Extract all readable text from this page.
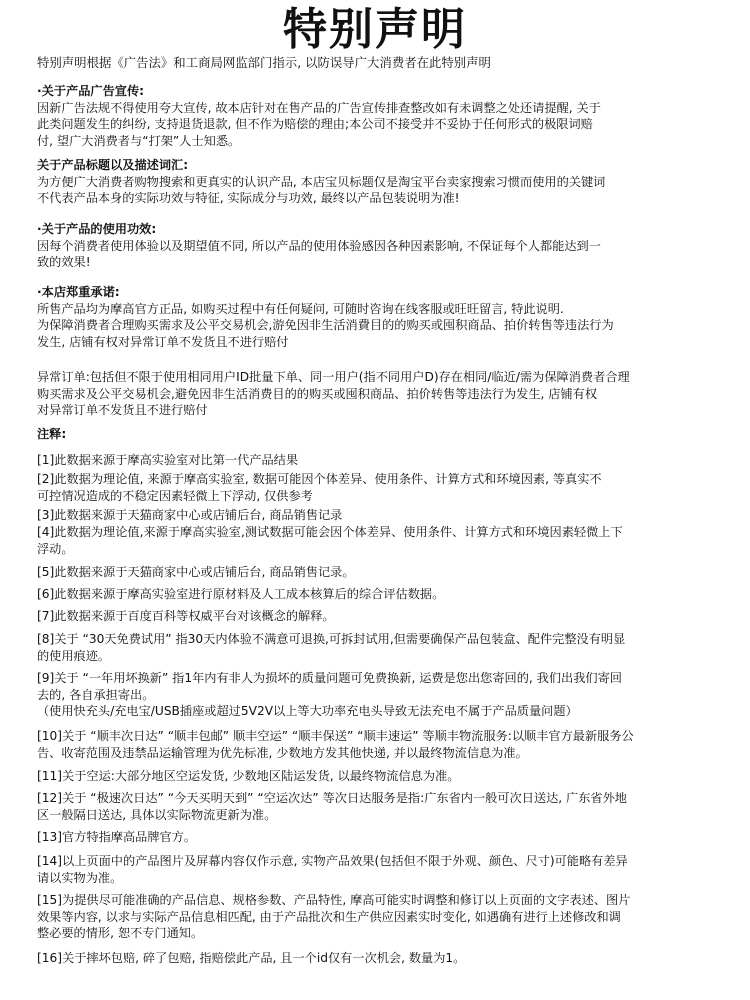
特别声明
特别声明根据《广告法》和工商局网监部门指示, 以防误导广大消费者在此特别声明

·关于产品广告宣传:

因新广告法规不得使用夸大宣传, 故本店针对在售产品的广告宣传排查整改如有未调整之处还请提醒, 关于
此类问题发生的纠纷, 支持退货退款, 但不作为赔偿的理由;本公司不接受并不妥协于任何形式的极限词赔
付, 望广大消费者与“打架”人士知悉。

关于产品标题以及描述词汇:

为方便广大消费者购物搜索和更真实的认识产品, 本店宝贝标题仅是淘宝平台卖家搜索习惯而使用的关键词
不代表产品本身的实际功效与特征, 实际成分与功效, 最终以产品包装说明为准!

·关于产品的使用功效:

因每个消费者使用体验以及期望值不同, 所以产品的使用体验感因各种因素影响, 不保证每个人都能达到一
致的效果!

·本店郑重承诺:

所售产品均为摩高官方正品, 如购买过程中有任何疑问, 可随时咨询在线客服或旺旺留言, 特此说明.
为保障消费者合理购买需求及公平交易机会,游免因非生活消費目的的购买或囤积商品、拍价转售等违法行为
发生, 店铺有权对异常订单不发货且不进行赔付
异常订单:包括但不限于使用相同用户ID批量下单、同一用户(指不同用户D)存在相同/临近/需为保障消费者合理
购买需求及公平交易机会,避免因非生活消费目的的购买或囤积商品、拍价转售等违法行为发生, 店铺有权
对异常订单不发货且不进行赔付

注释:

[1]此数据来源于摩高实验室对比第一代产品结果
[2]此数据为理论值, 来源于摩高实验室, 数据可能因个体差异、使用条件、计算方式和环境因素, 等真实不
可控情况造成的不稳定因素轻微上下浮动, 仅供参考
[3]此数据来源于天猫商家中心或店铺后台, 商品销售记录
[4]此数据为理论值,来源于摩高实验室,测试数据可能会因个体差异、使用条件、计算方式和环境因素轻微上下
浮动。
[5]此数据来源于天猫商家中心或店铺后台, 商品销售记录。
[6]此数据来源于摩高实验室进行原材料及人工成本核算后的综合评估数据。
[7]此数据来源于百度百科等权威平台对该概念的解释。
[8]关于 “30天免费试用” 指30天内体验不满意可退换,可拆封试用,但需要确保产品包装盒、配件完整没有明显
的使用痕迹。
[9]关于 “一年用坏换新” 指1年内有非人为损坏的质量问题可免费换新, 运费是您出您寄回的, 我们出我们寄回
去的, 各自承担寄出。
（使用快充头/充电宝/USB插座或超过5V2V以上等大功率充电头导致无法充电不属于产品质量问题）
[10]关于 “顺丰次日达” “顺丰包邮” 顺丰空运” “顺丰保送” “顺丰速运” 等顺丰物流服务:以顺丰官方最新服务公
告、收寄范围及违禁品运输管理为优先标准, 少数地方发其他快递, 并以最终物流信息为准。
[11]关于空运:大部分地区空运发货, 少数地区陆运发货, 以最终物流信息为准。
[12]关于 “极速次日达” “今天买明天到” “空运次达” 等次日达服务是指:广东省内一般可次日送达, 广东省外地
区一般隔日送达, 具体以实际物流更新为准。
[13]官方特指摩高品牌官方。
[14]以上页面中的产品图片及屏幕内容仅作示意, 实物产品效果(包括但不限于外观、颜色、尺寸)可能略有差异
请以实物为准。
[15]为提供尽可能准确的产品信息、规格参数、产品特性, 摩高可能实时调整和修订以上页面的文字表述、图片
效果等内容, 以求与实际产品信息相匹配, 由于产品批次和生产供应因素实时变化, 如遇确有进行上述修改和调
整必要的情形, 恕不专门通知。
[16]关于摔坏包赔, 碎了包赔, 指赔偿此产品, 且一个id仅有一次机会, 数量为1。
